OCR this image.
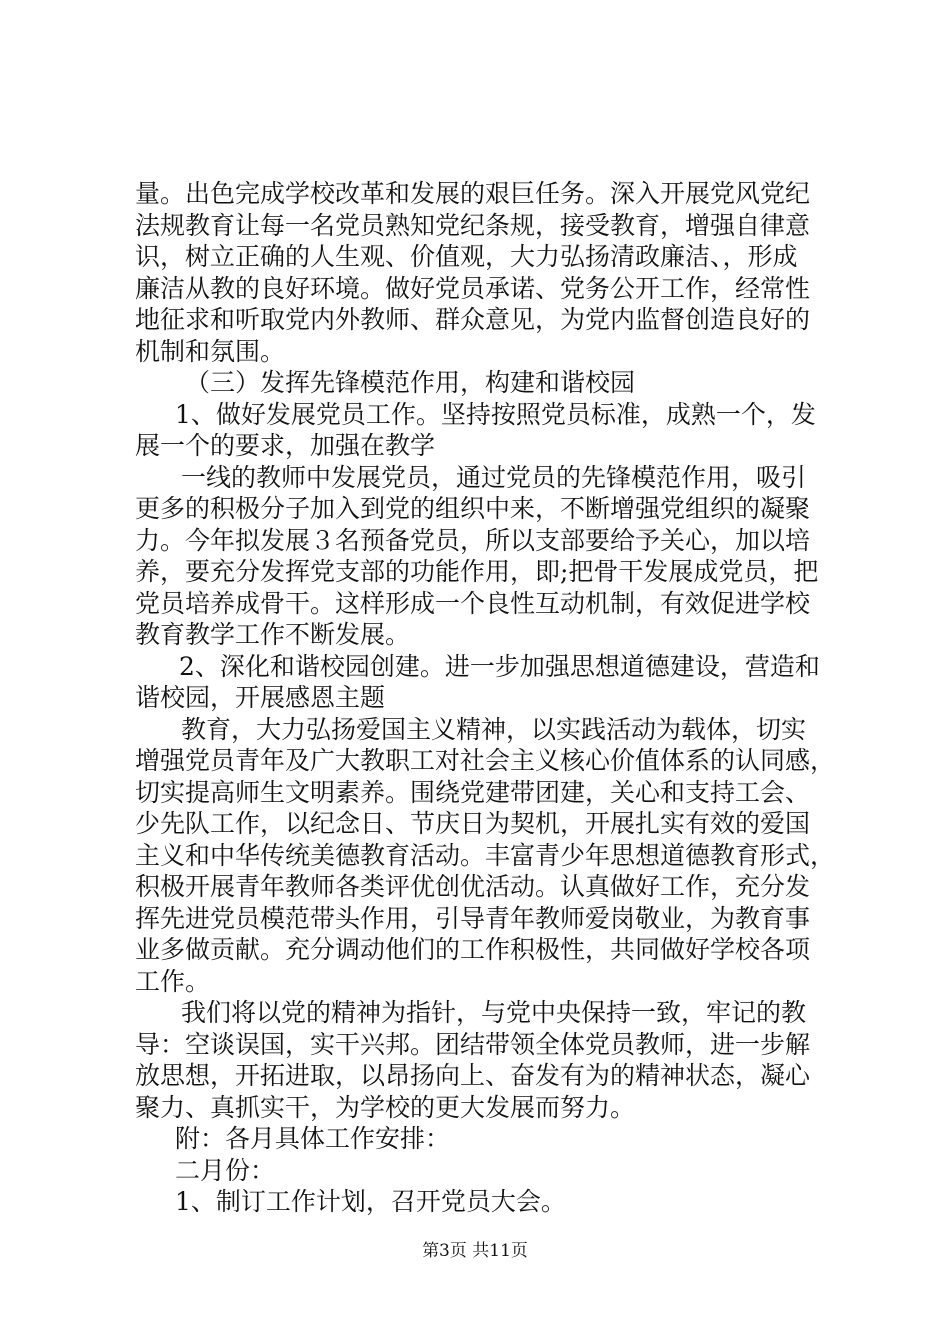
量。出色完成学校改革和发展的艰巨任务。深入开展党风党纪
法规教育让每一名党员熟知党纪条规，接受教育，增强自律意
识，树立正确的人生观、价值观，大力弘扬清政廉洁、，形成
廉洁从教的良好环境。做好党员承诺、党务公开工作，经常性
地征求和听取党内外教师、群众意见，为党内监督创造良好的
机制和氛围。
（三）发挥先锋模范作用，构建和谐校园
1、做好发展党员工作。坚持按照党员标准，成熟一个，发
展一个的要求，加强在教学
一线的教师中发展党员，通过党员的先锋模范作用，吸引
更多的积极分子加入到党的组织中来，不断增强党组织的凝聚
力。今年拟发展３名预备党员，所以支部要给予关心，加以培
养，要充分发挥党支部的功能作用，即;把骨干发展成党员，把
党员培养成骨干。这样形成一个良性互动机制，有效促进学校
教育教学工作不断发展。
2、深化和谐校园创建。进一步加强思想道德建设，营造和
谐校园，开展感恩主题
教育，大力弘扬爱国主义精神，以实践活动为载体，切实
增强党员青年及广大教职工对社会主义核心价值体系的认同感，
切实提高师生文明素养。围绕党建带团建，关心和支持工会、
少先队工作，以纪念日、节庆日为契机，开展扎实有效的爱国
主义和中华传统美德教育活动。丰富青少年思想道德教育形式，
积极开展青年教师各类评优创优活动。认真做好工作，充分发
挥先进党员模范带头作用，引导青年教师爱岗敬业，为教育事
业多做贡献。充分调动他们的工作积极性，共同做好学校各项
工作。
我们将以党的精神为指针，与党中央保持一致，牢记的教
导：空谈误国，实干兴邦。团结带领全体党员教师，进一步解
放思想，开拓进取，以昂扬向上、奋发有为的精神状态，凝心
聚力、真抓实干，为学校的更大发展而努力。
附：各月具体工作安排：
二月份：
1、制订工作计划，召开党员大会。
第3页 共11页
